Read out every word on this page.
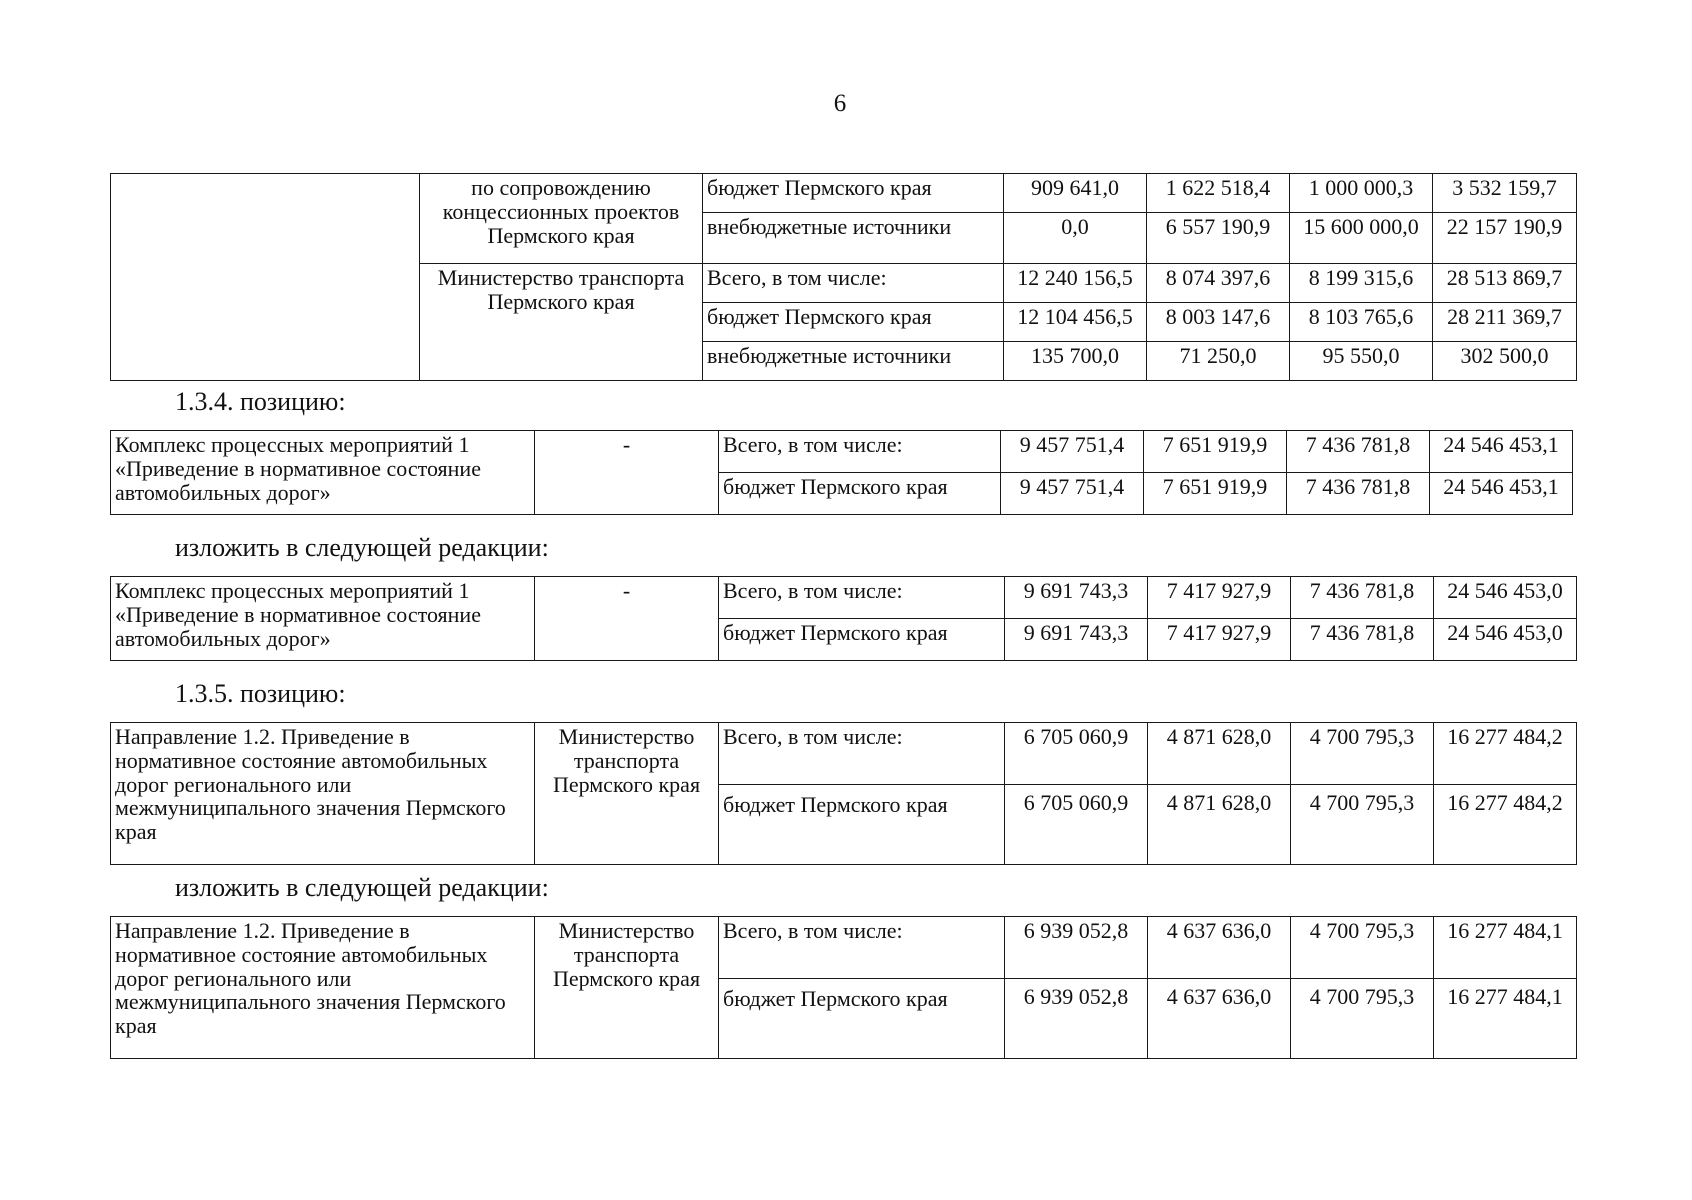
6
	по сопровождению концессионных проектов Пермского края	бюджет Пермского края	909 641,0	1 622 518,4	1 000 000,3	3 532 159,7
		внебюджетные источники	0,0	6 557 190,9	15 600 000,0	22 157 190,9
	Министерство транспорта Пермского края	Всего, в том числе:	12 240 156,5	8 074 397,6	8 199 315,6	28 513 869,7
		бюджет Пермского края	12 104 456,5	8 003 147,6	8 103 765,6	28 211 369,7
		внебюджетные источники	135 700,0	71 250,0	95 550,0	302 500,0
1.3.4. позицию:
Комплекс процессных мероприятий 1 «Приведение в нормативное состояние автомобильных дорог»	-	Всего, в том числе:	9 457 751,4	7 651 919,9	7 436 781,8	24 546 453,1
		бюджет Пермского края	9 457 751,4	7 651 919,9	7 436 781,8	24 546 453,1
изложить в следующей редакции:
Комплекс процессных мероприятий 1 «Приведение в нормативное состояние автомобильных дорог»	-	Всего, в том числе:	9 691 743,3	7 417 927,9	7 436 781,8	24 546 453,0
		бюджет Пермского края	9 691 743,3	7 417 927,9	7 436 781,8	24 546 453,0
1.3.5. позицию:
Направление 1.2. Приведение в нормативное состояние автомобильных дорог регионального или межмуниципального значения Пермского края	Министерство транспорта Пермского края	Всего, в том числе:	6 705 060,9	4 871 628,0	4 700 795,3	16 277 484,2
		бюджет Пермского края	6 705 060,9	4 871 628,0	4 700 795,3	16 277 484,2
изложить в следующей редакции:
Направление 1.2. Приведение в нормативное состояние автомобильных дорог регионального или межмуниципального значения Пермского края	Министерство транспорта Пермского края	Всего, в том числе:	6 939 052,8	4 637 636,0	4 700 795,3	16 277 484,1
		бюджет Пермского края	6 939 052,8	4 637 636,0	4 700 795,3	16 277 484,1
